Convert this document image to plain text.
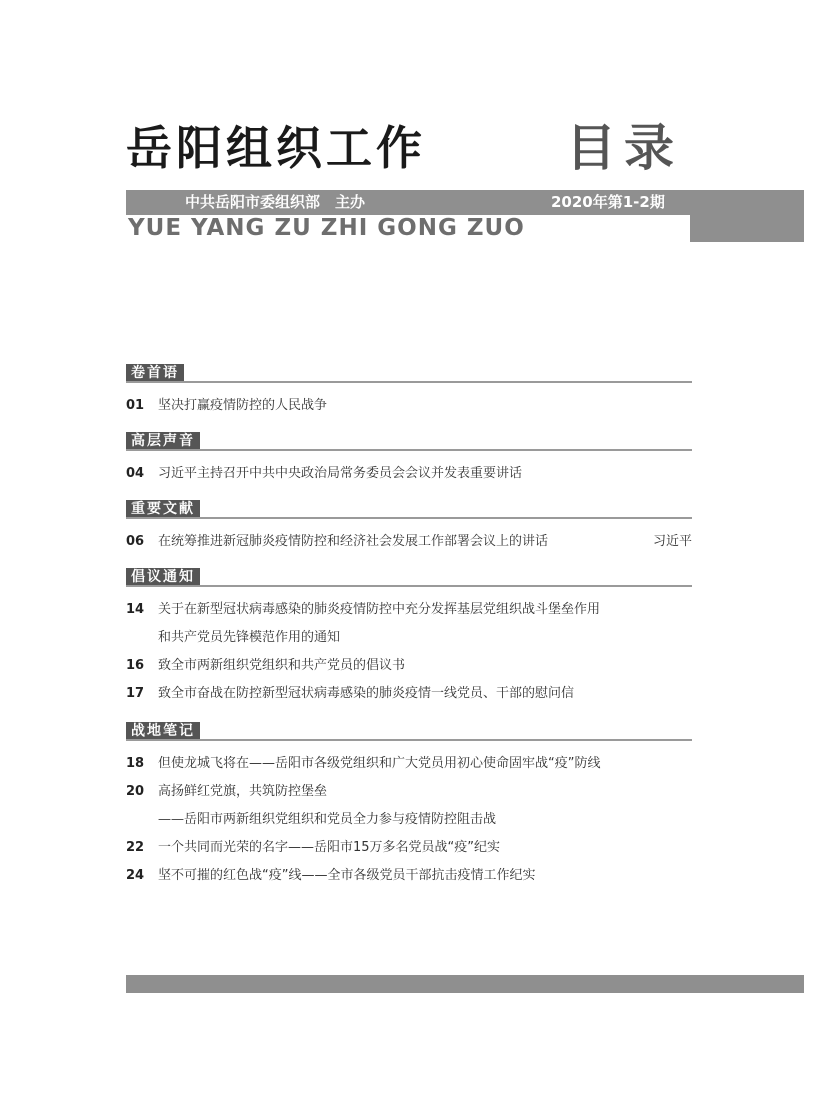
岳阳组织工作	目录
中共岳阳市委组织部　主办	2020年第1-2期
YUE YANG ZU ZHI GONG ZUO
卷首语
01 坚决打赢疫情防控的人民战争
高层声音
04 习近平主持召开中共中央政治局常务委员会会议并发表重要讲话
重要文献
06 在统筹推进新冠肺炎疫情防控和经济社会发展工作部署会议上的讲话	习近平
倡议通知
14 关于在新型冠状病毒感染的肺炎疫情防控中充分发挥基层党组织战斗堡垒作用
和共产党员先锋模范作用的通知
16 致全市两新组织党组织和共产党员的倡议书
17 致全市奋战在防控新型冠状病毒感染的肺炎疫情一线党员、干部的慰问信
战地笔记
18 但使龙城飞将在——岳阳市各级党组织和广大党员用初心使命固牢战“疫”防线
20 高扬鲜红党旗，共筑防控堡垒
——岳阳市两新组织党组织和党员全力参与疫情防控阻击战
22 一个共同而光荣的名字——岳阳市15万多名党员战“疫”纪实
24 坚不可摧的红色战“疫”线——全市各级党员干部抗击疫情工作纪实
